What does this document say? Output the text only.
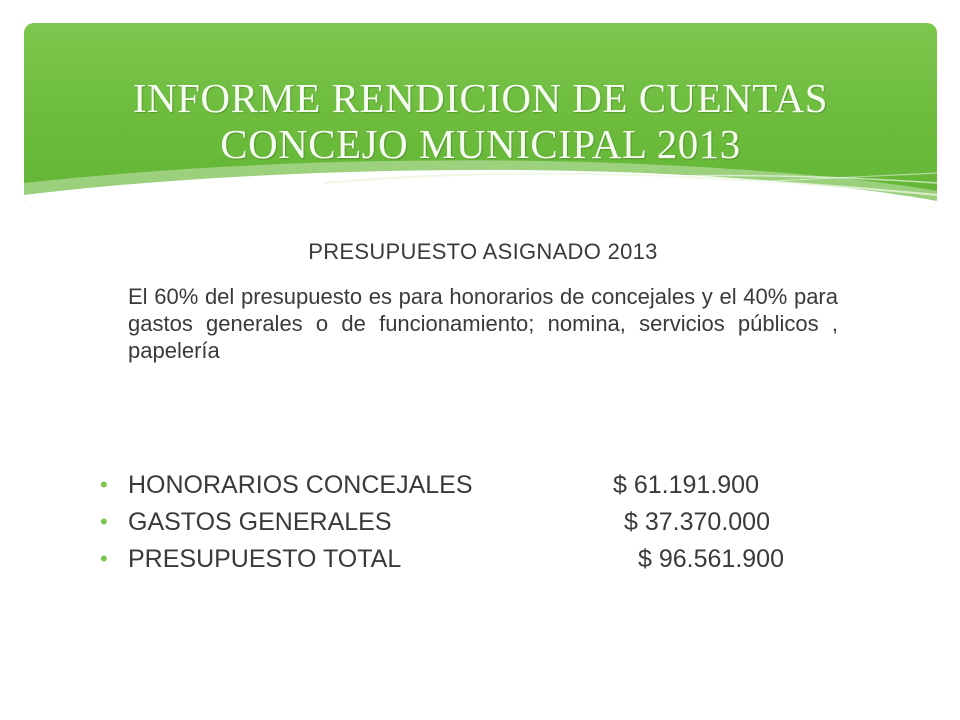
INFORME RENDICION DE CUENTAS
CONCEJO MUNICIPAL 2013
PRESUPUESTO ASIGNADO 2013
El 60% del presupuesto es para honorarios de concejales y el 40% para gastos generales o de funcionamiento; nomina, servicios públicos , papelería
• HONORARIOS CONCEJALES	$ 61.191.900
• GASTOS GENERALES	$ 37.370.000
• PRESUPUESTO TOTAL	$ 96.561.900
